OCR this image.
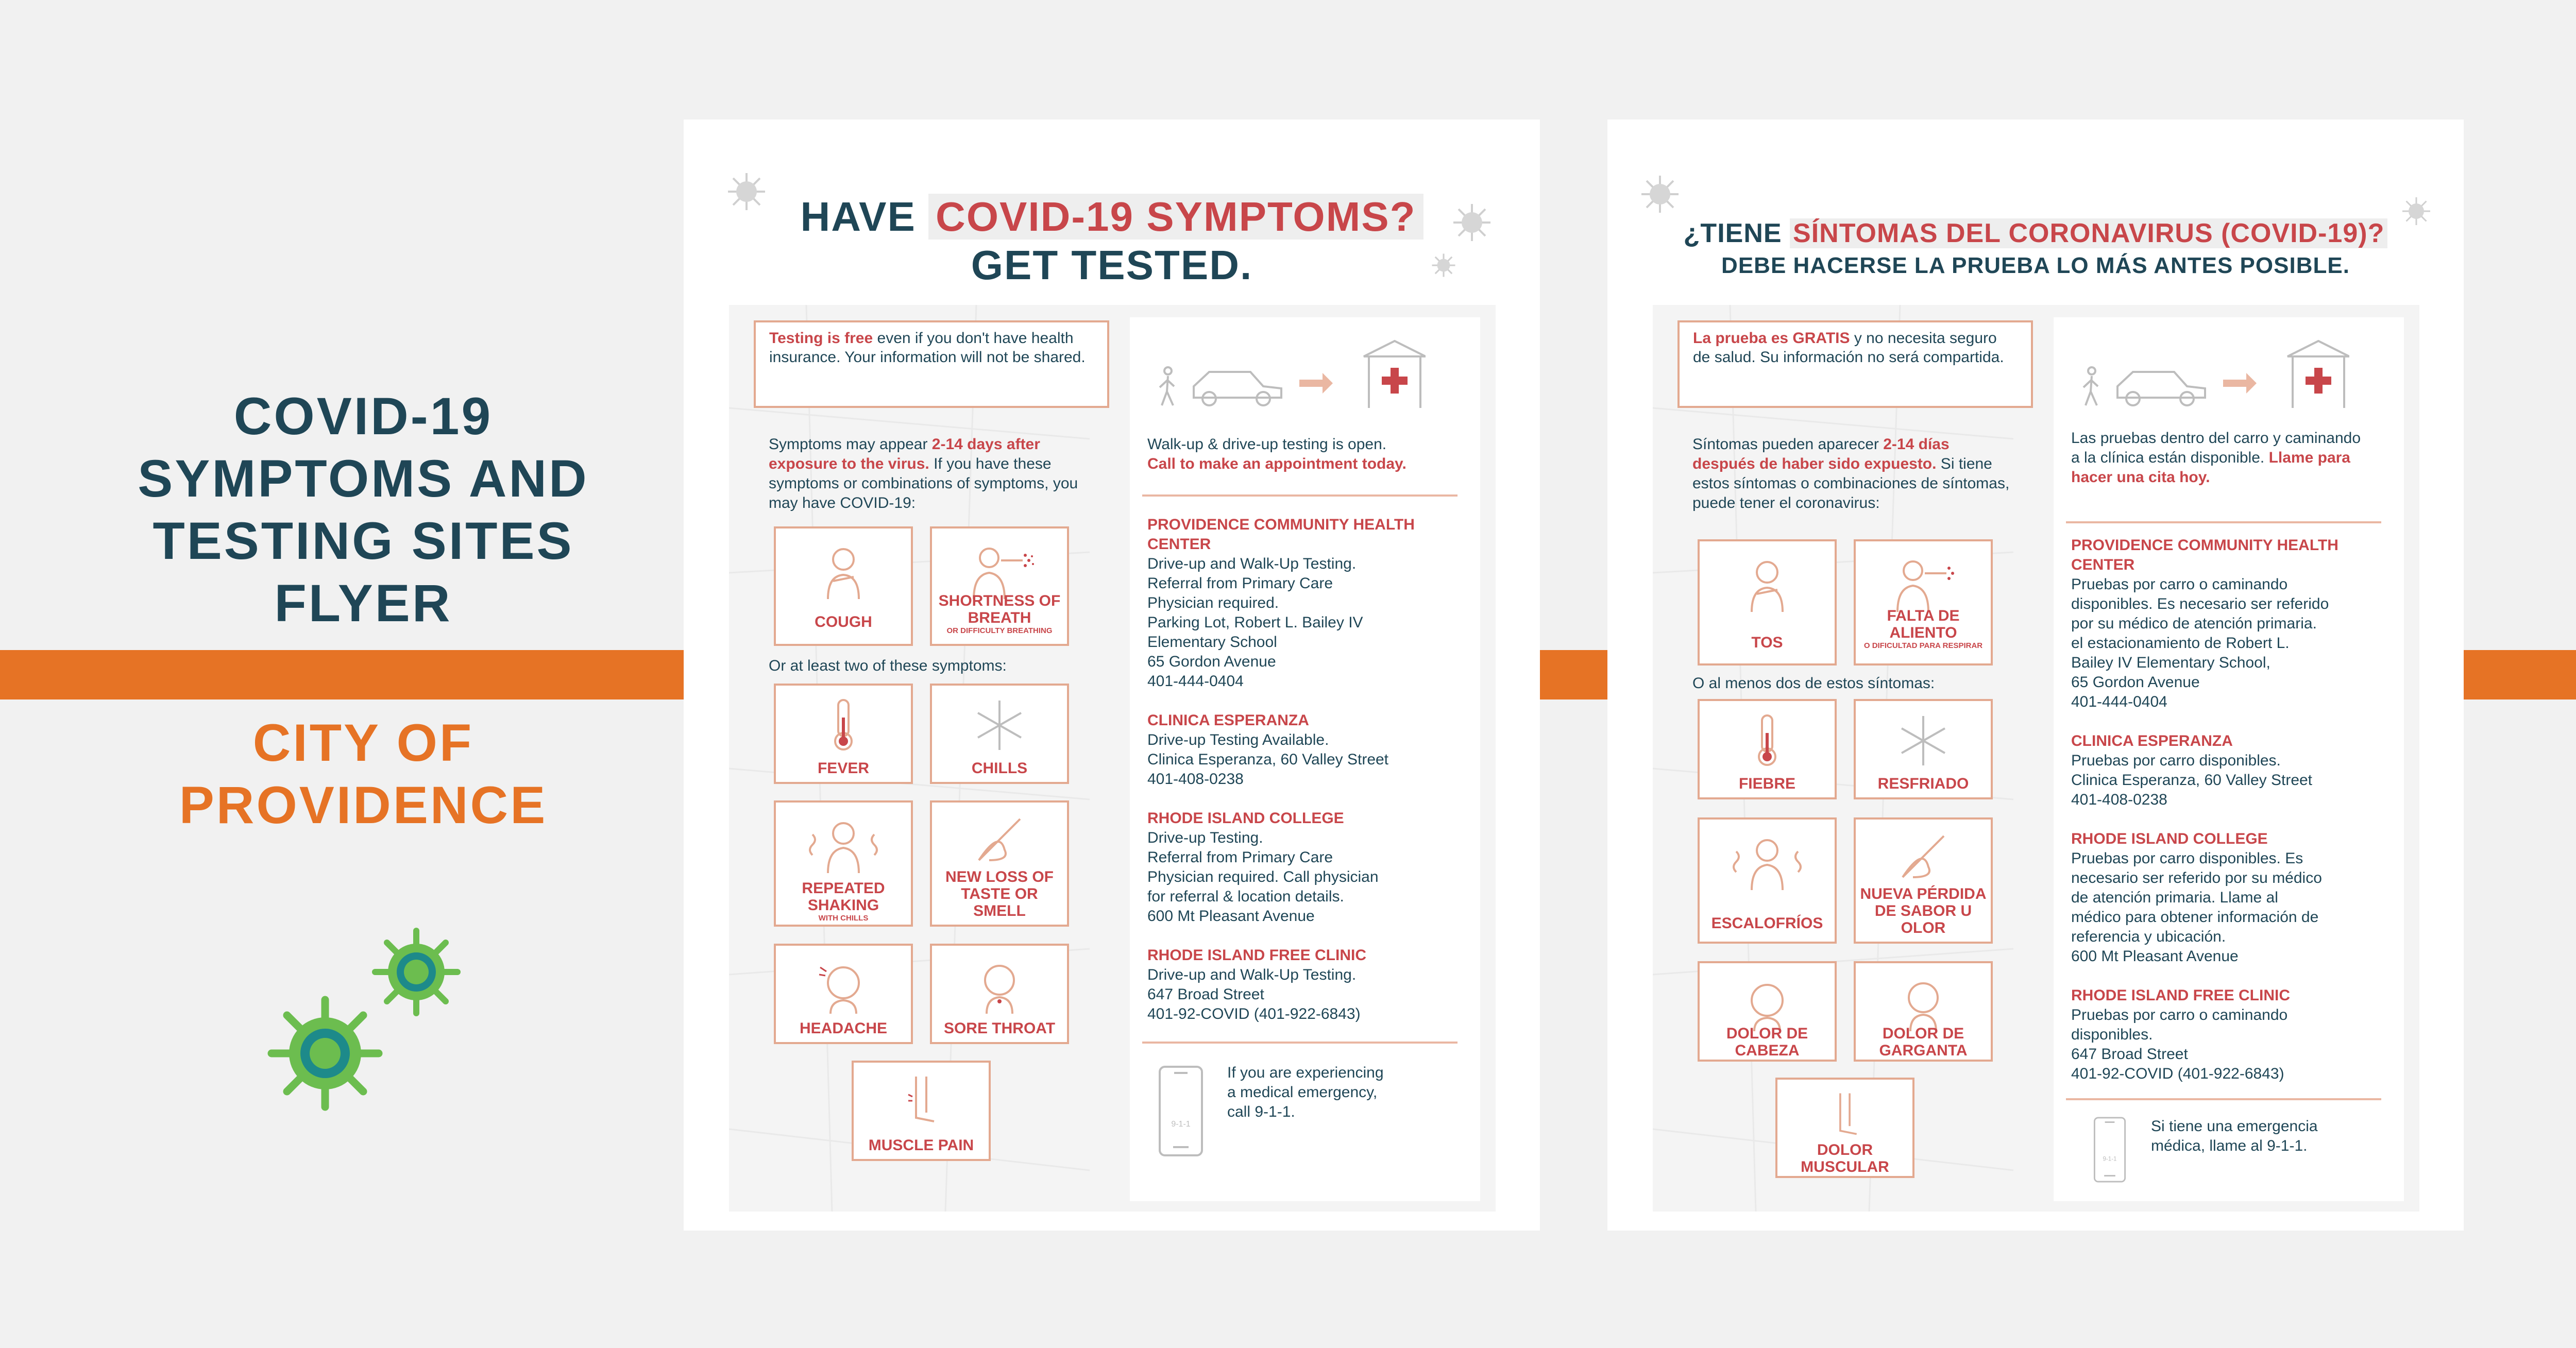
COVID-19
SYMPTOMS AND
TESTING SITES
FLYER
CITY OF
PROVIDENCE
HAVE COVID-19 SYMPTOMS?
GET TESTED.
Testing is free even if you don't have health insurance. Your information will not be shared.
Symptoms may appear 2-14 days after exposure to the virus. If you have these symptoms or combinations of symptoms, you may have COVID-19:
COUGH
SHORTNESS OF BREATH
OR DIFFICULTY BREATHING
Or at least two of these symptoms:
FEVER	CHILLS
REPEATED SHAKING
WITH CHILLS
NEW LOSS OF TASTE OR SMELL
HEADACHE	SORE THROAT
MUSCLE PAIN
Walk-up & drive-up testing is open.
Call to make an appointment today.
PROVIDENCE COMMUNITY HEALTH CENTER
Drive-up and Walk-Up Testing.
Referral from Primary Care
Physician required.
Parking Lot, Robert L. Bailey IV
Elementary School
65 Gordon Avenue
401-444-0404
CLINICA ESPERANZA
Drive-up Testing Available.
Clinica Esperanza, 60 Valley Street
401-408-0238
RHODE ISLAND COLLEGE
Drive-up Testing.
Referral from Primary Care
Physician required. Call physician
for referral & location details.
600 Mt Pleasant Avenue
RHODE ISLAND FREE CLINIC
Drive-up and Walk-Up Testing.
647 Broad Street
401-92-COVID (401-922-6843)
9-1-1
If you are experiencing
a medical emergency,
call 9-1-1.
¿TIENE SÍNTOMAS DEL CORONAVIRUS (COVID-19)?
DEBE HACERSE LA PRUEBA LO MÁS ANTES POSIBLE.
La prueba es GRATIS y no necesita seguro de salud. Su información no será compartida.
Síntomas pueden aparecer 2-14 días después de haber sido expuesto. Si tiene estos síntomas o combinaciones de síntomas, puede tener el coronavirus:
TOS
FALTA DE ALIENTO
O DIFICULTAD PARA RESPIRAR
O al menos dos de estos síntomas:
FIEBRE	RESFRIADO
ESCALOFRÍOS
NUEVA PÉRDIDA DE SABOR U OLOR
DOLOR DE CABEZA
DOLOR DE GARGANTA
DOLOR MUSCULAR
Las pruebas dentro del carro y caminando a la clínica están disponible. Llame para hacer una cita hoy.
PROVIDENCE COMMUNITY HEALTH CENTER
Pruebas por carro o caminando
disponibles. Es necesario ser referido
por su médico de atención primaria.
el estacionamiento de Robert L.
Bailey IV Elementary School,
65 Gordon Avenue
401-444-0404
CLINICA ESPERANZA
Pruebas por carro disponibles.
Clinica Esperanza, 60 Valley Street
401-408-0238
RHODE ISLAND COLLEGE
Pruebas por carro disponibles. Es
necesario ser referido por su médico
de atención primaria. Llame al
médico para obtener información de
referencia y ubicación.
600 Mt Pleasant Avenue
RHODE ISLAND FREE CLINIC
Pruebas por carro o caminando
disponibles.
647 Broad Street
401-92-COVID (401-922-6843)
9-1-1
Si tiene una emergencia
médica, llame al 9-1-1.
